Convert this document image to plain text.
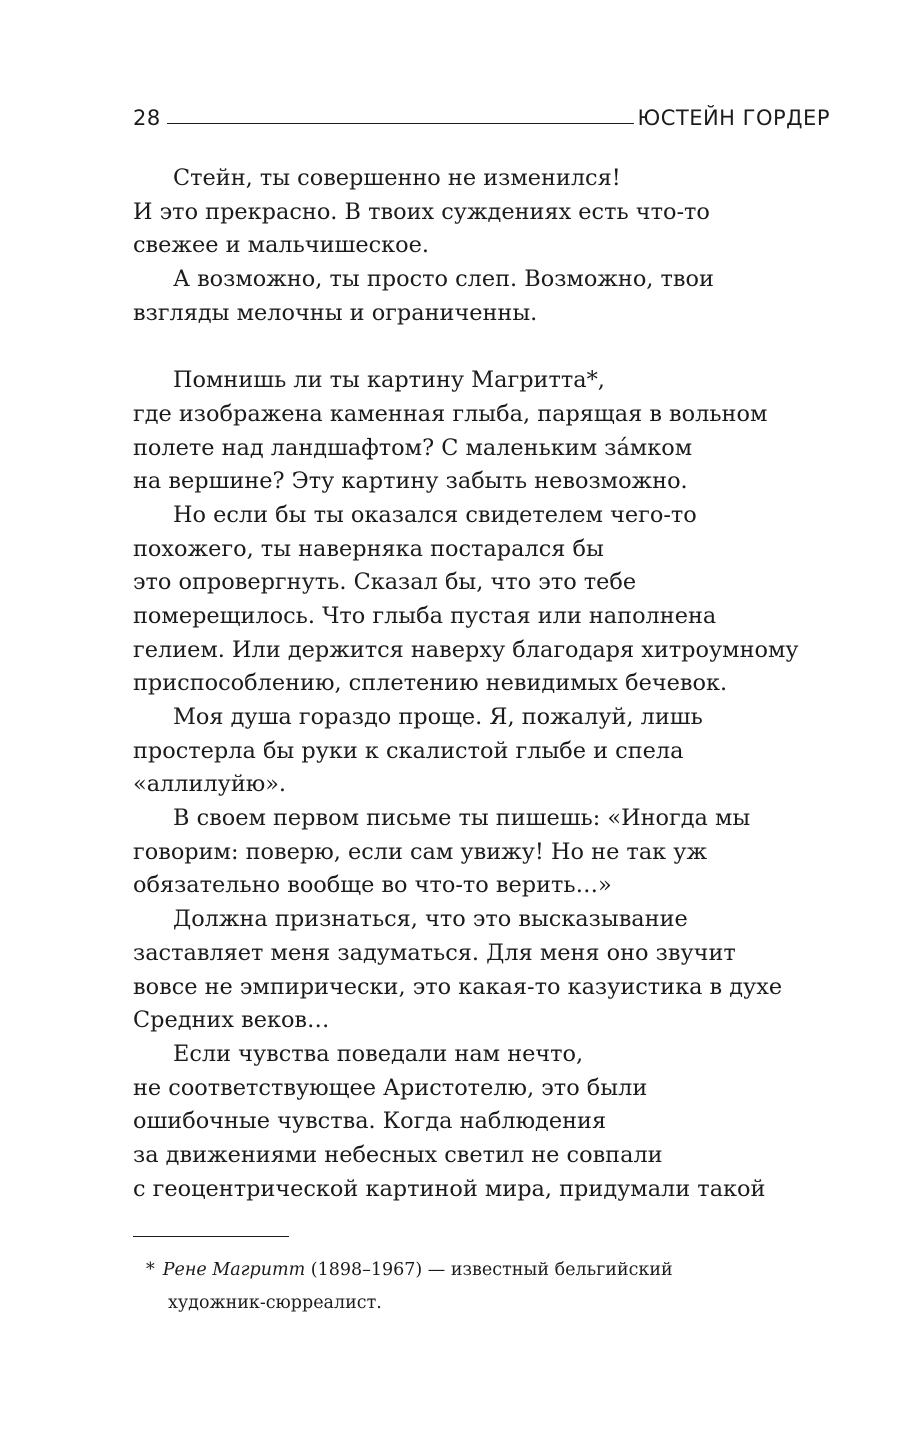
28	ЮСТЕЙН ГОРДЕР
Стейн, ты совершенно не изменился!
И это прекрасно. В твоих суждениях есть что-то
свежее и мальчишеское.
А возможно, ты просто слеп. Возможно, твои
взгляды мелочны и ограниченны.
Помнишь ли ты картину Магритта*,
где изображена каменная глыба, парящая в вольном
полете над ландшафтом? С маленьким за́мком
на вершине? Эту картину забыть невозможно.
Но если бы ты оказался свидетелем чего-то
похожего, ты наверняка постарался бы
это опровергнуть. Сказал бы, что это тебе
померещилось. Что глыба пустая или наполнена
гелием. Или держится наверху благодаря хитроумному
приспособлению, сплетению невидимых бечевок.
Моя душа гораздо проще. Я, пожалуй, лишь
простерла бы руки к скалистой глыбе и спела
«аллилуйю».
В своем первом письме ты пишешь: «Иногда мы
говорим: поверю, если сам увижу! Но не так уж
обязательно вообще во что-то верить…»
Должна признаться, что это высказывание
заставляет меня задуматься. Для меня оно звучит
вовсе не эмпирически, это какая-то казуистика в духе
Средних веков…
Если чувства поведали нам нечто,
не соответствующее Аристотелю, это были
ошибочные чувства. Когда наблюдения
за движениями небесных светил не совпали
с геоцентрической картиной мира, придумали такой
* Рене Магритт (1898–1967) — известный бельгийский
художник-сюрреалист.
